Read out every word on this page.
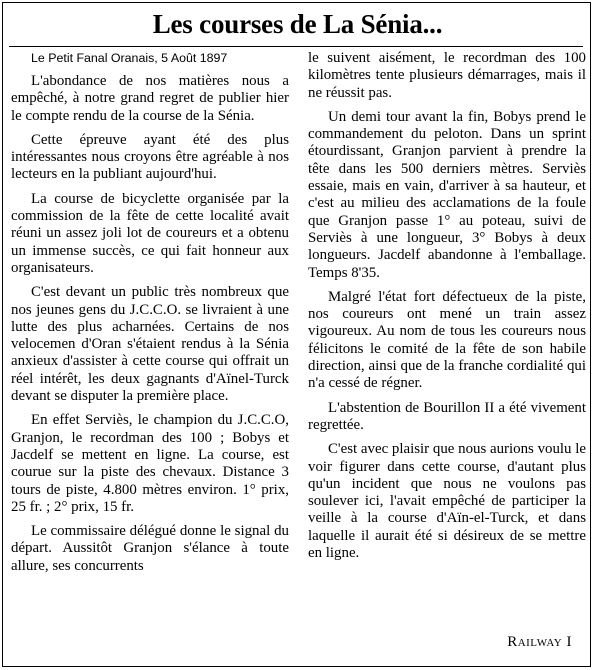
Les courses de La Sénia...

Le Petit Fanal Oranais, 5 Août 1897

L'abondance de nos matières nous a empêché, à notre grand regret de publier hier le compte rendu de la course de la Sénia.

Cette épreuve ayant été des plus intéressantes nous croyons être agréable à nos lecteurs en la publiant aujourd'hui.

La course de bicyclette organisée par la commission de la fête de cette localité avait réuni un assez joli lot de coureurs et a obtenu un immense succès, ce qui fait honneur aux organisateurs.

C'est devant un public très nombreux que nos jeunes gens du J.C.C.O. se livraient à une lutte des plus acharnées. Certains de nos velocemen d'Oran s'étaient rendus à la Sénia anxieux d'assister à cette course qui offrait un réel intérêt, les deux gagnants d'Aïnel-Turck devant se disputer la première place.

En effet Serviès, le champion du J.C.C.O, Granjon, le recordman des 100 ; Bobys et Jacdelf se mettent en ligne. La course, est courue sur la piste des chevaux. Distance 3 tours de piste, 4.800 mètres environ. 1° prix, 25 fr. ; 2° prix, 15 fr.

Le commissaire délégué donne le signal du départ. Aussitôt Granjon s'élance à toute allure, ses concurrents

le suivent aisément, le recordman des 100 kilomètres tente plusieurs démarrages, mais il ne réussit pas.

Un demi tour avant la fin, Bobys prend le commandement du peloton. Dans un sprint étourdissant, Granjon parvient à prendre la tête dans les 500 derniers mètres. Serviès essaie, mais en vain, d'arriver à sa hauteur, et c'est au milieu des acclamations de la foule que Granjon passe 1° au poteau, suivi de Serviès à une longueur, 3° Bobys à deux longueurs. Jacdelf abandonne à l'emballage. Temps 8'35.

Malgré l'état fort défectueux de la piste, nos coureurs ont mené un train assez vigoureux. Au nom de tous les coureurs nous félicitons le comité de la fête de son habile direction, ainsi que de la franche cordialité qui n'a cessé de régner.

L'abstention de Bourillon II a été vivement regrettée.

C'est avec plaisir que nous aurions voulu le voir figurer dans cette course, d'autant plus qu'un incident que nous ne voulons pas soulever ici, l'avait empêché de participer la veille à la course d'Aïn-el-Turck, et dans laquelle il aurait été si désireux de se mettre en ligne.

Railway I
